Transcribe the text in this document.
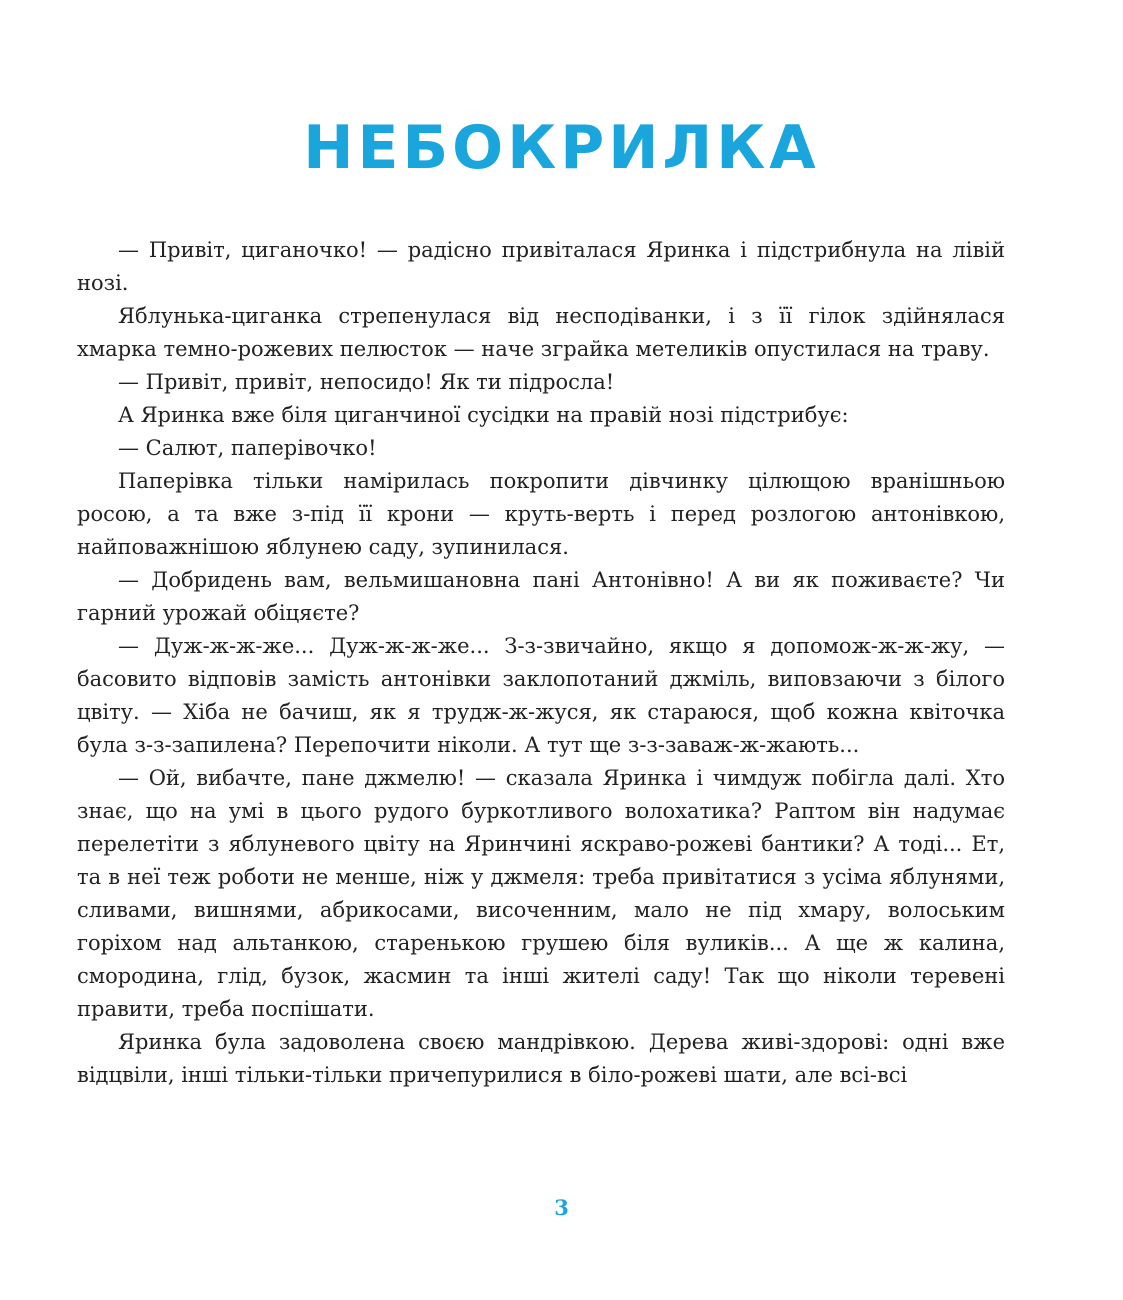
НЕБОКРИЛКА

— Привіт, циганочко! — радісно привіталася Яринка і підстрибнула на лівій нозі.

Яблунька-циганка стрепенулася від несподіванки, і з її гілок здійнялася хмарка темно-рожевих пелюсток — наче зграйка метеликів опустилася на траву.

— Привіт, привіт, непосидо! Як ти підросла!

А Яринка вже біля циганчиної сусідки на правій нозі підстрибує:

— Салют, паперівочко!

Паперівка тільки намірилась покропити дівчинку цілющою вранішньою росою, а та вже з-під її крони — круть-верть і перед розлогою антонівкою, найповажнішою яблунею саду, зупинилася.

— Добридень вам, вельмишановна пані Антонівно! А ви як поживаєте? Чи гарний урожай обіцяєте?

— Дуж-ж-ж-же... Дуж-ж-ж-же... З-з-звичайно, якщо я допомож-ж-ж-жу, — басовито відповів замість антонівки заклопотаний джміль, виповзаючи з білого цвіту. — Хіба не бачиш, як я трудж-ж-жуся, як стараюся, щоб кожна квіточка була з-з-запилена? Перепочити ніколи. А тут ще з-з-заваж-ж-жають...

— Ой, вибачте, пане джмелю! — сказала Яринка і чимдуж побігла далі. Хто знає, що на умі в цього рудого буркотливого волохатика? Раптом він надумає перелетіти з яблуневого цвіту на Яринчині яскраво-рожеві бантики? А тоді... Ет, та в неї теж роботи не менше, ніж у джмеля: треба привітатися з усіма яблунями, сливами, вишнями, абрикосами, височенним, мало не під хмару, волоським горіхом над альтанкою, старенькою грушею біля вуликів... А ще ж калина, смородина, глід, бузок, жасмин та інші жителі саду! Так що ніколи теревені правити, треба поспішати.

Яринка була задоволена своєю мандрівкою. Дерева живі-здорові: одні вже відцвіли, інші тільки-тільки причепурилися в біло-рожеві шати, але всі-всі

3
